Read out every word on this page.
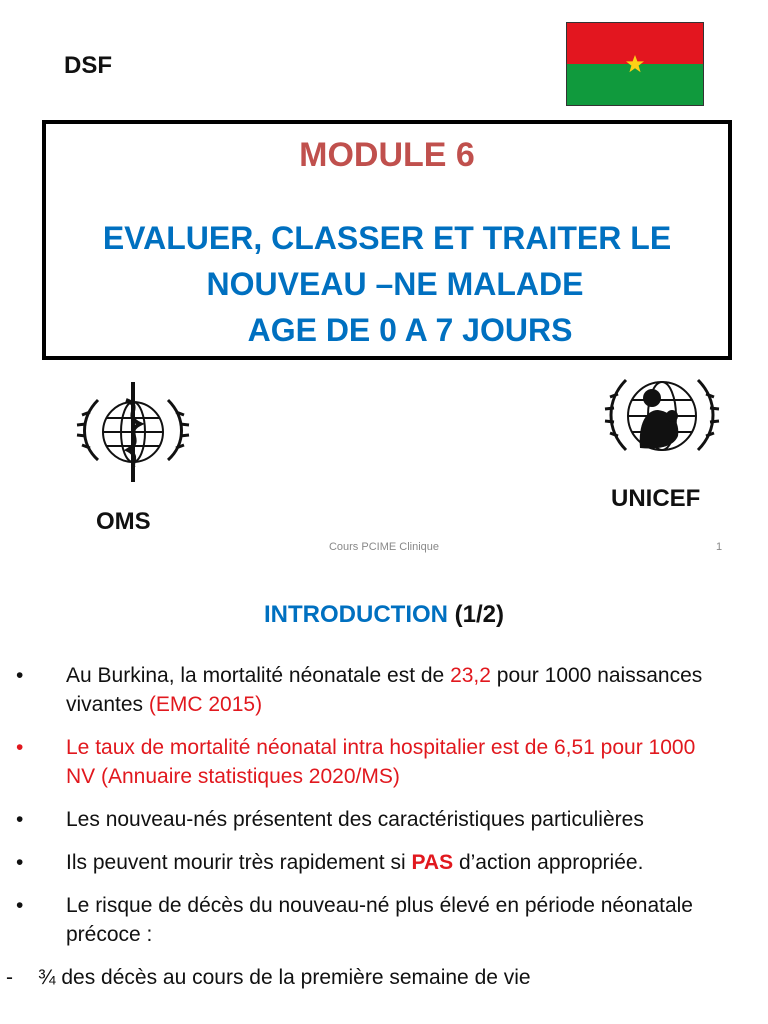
DSF
MODULE 6
EVALUER, CLASSER ET TRAITER LE
NOUVEAU –NE MALADE
AGE DE 0 A 7 JOURS
OMS
UNICEF
Cours PCIME Clinique	1
INTRODUCTION (1/2)
• Au Burkina, la mortalité néonatale est de 23,2 pour 1000 naissances vivantes (EMC 2015)
• Le taux de mortalité néonatal intra hospitalier est de 6,51 pour 1000 NV (Annuaire statistiques 2020/MS)
• Les nouveau-nés présentent des caractéristiques particulières
• Ils peuvent mourir très rapidement si PAS d’action appropriée.
• Le risque de décès du nouveau-né plus élevé en période néonatale précoce :
- ¾ des décès au cours de la première semaine de vie
